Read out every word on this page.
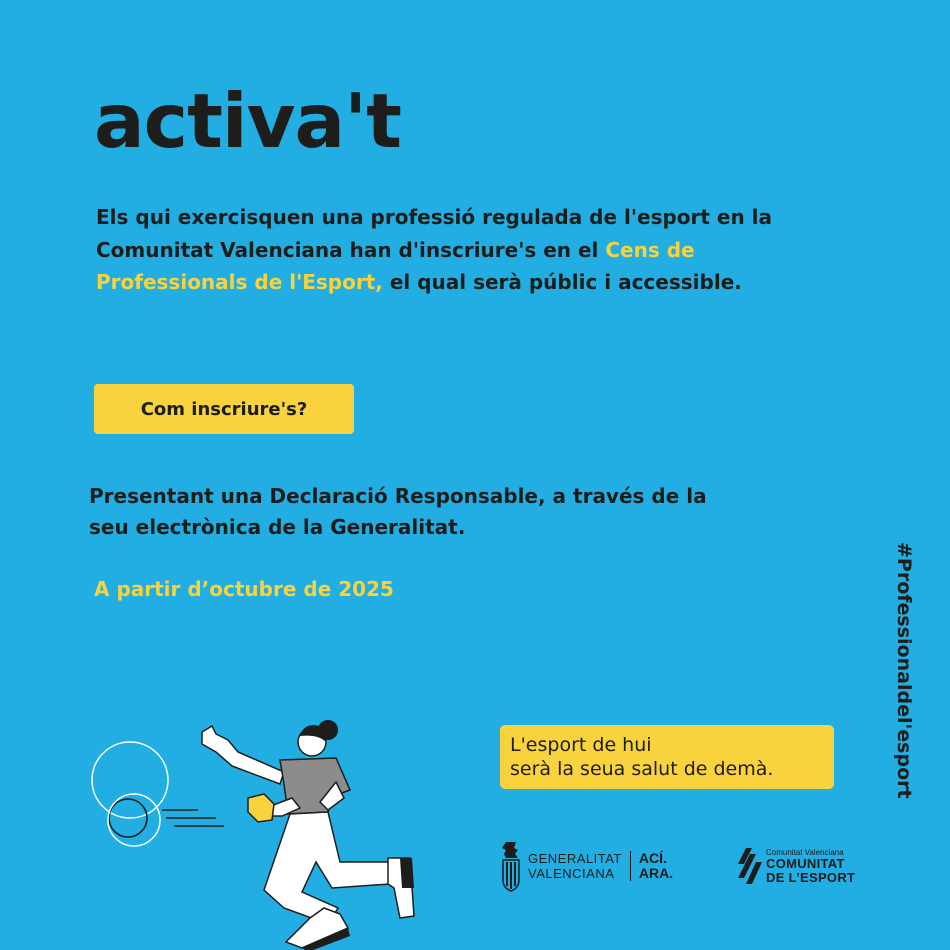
activa't

Els qui exercisquen una professió regulada de l'esport en la Comunitat Valenciana han d'inscriure's en el Cens de Professionals de l'Esport, el qual serà públic i accessible.

Com inscriure's?

Presentant una Declaració Responsable, a través de la seu electrònica de la Generalitat.

A partir d’octubre de 2025	#Professionaldel'esport
L'esport de hui
serà la seua salut de demà.
GENERALITAT
VALENCIANA
ACÍ.
ARA.
Comunitat Valenciana
COMUNITAT
DE L’ESPORT
